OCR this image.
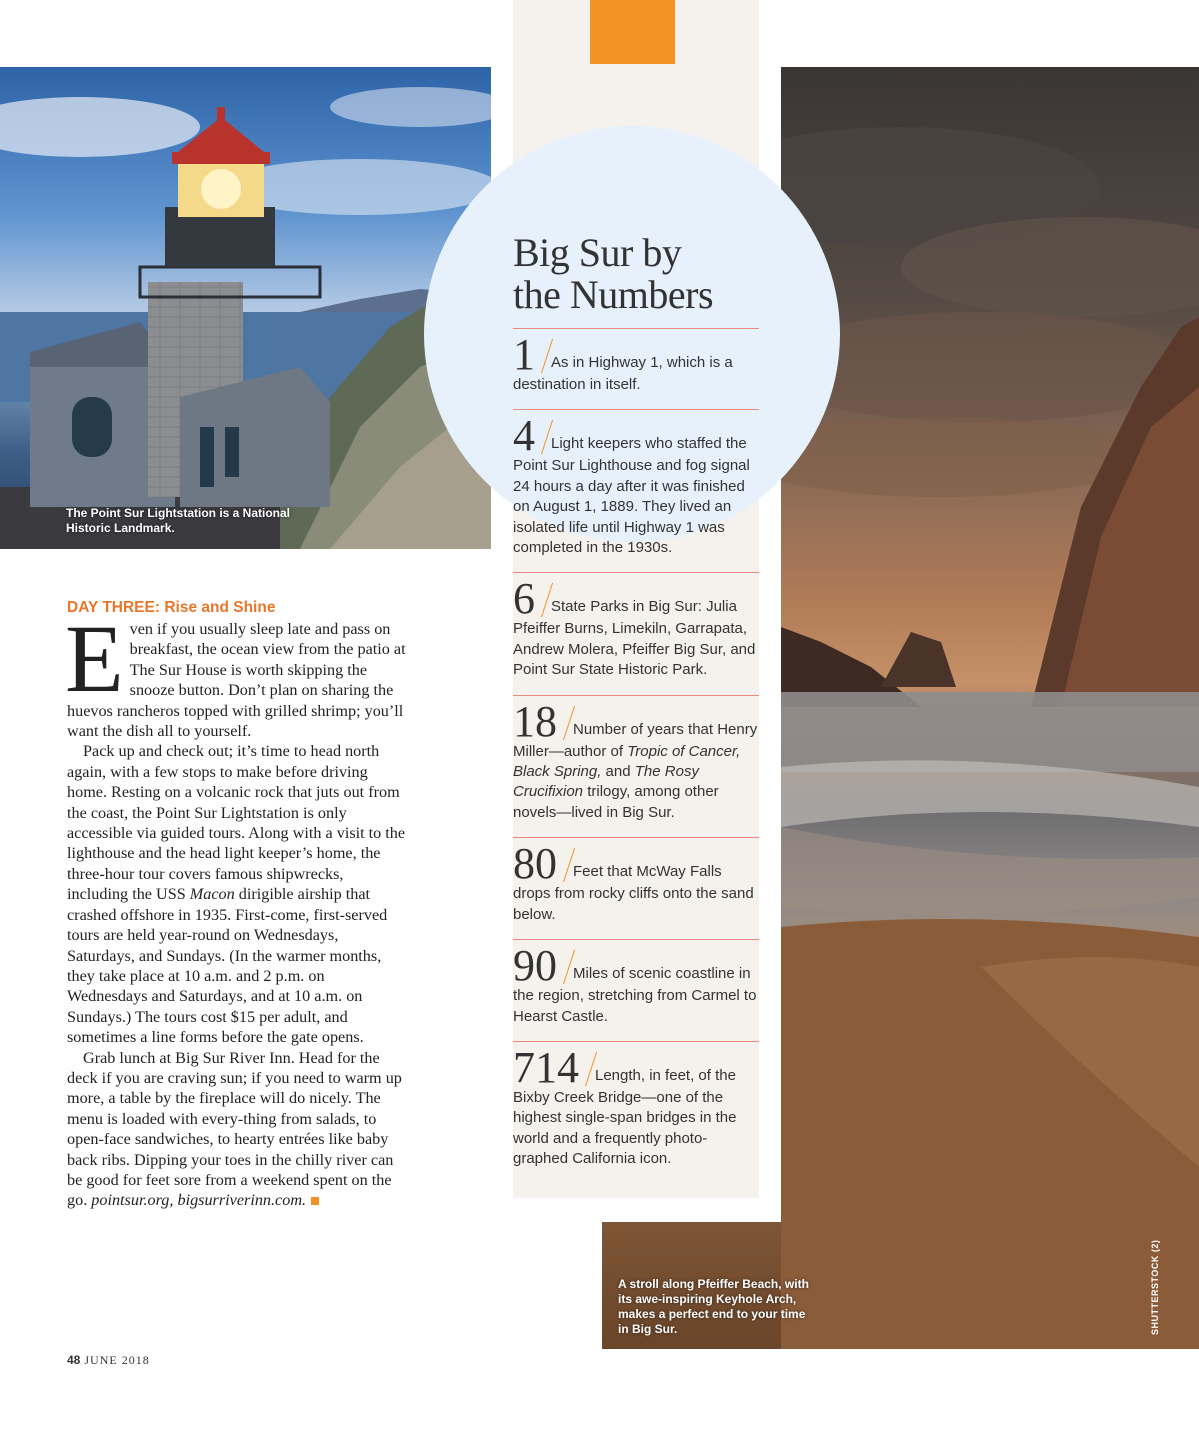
The Point Sur Lightstation is a National Historic Landmark.
A stroll along Pfeiffer Beach, with its awe-inspiring Keyhole Arch, makes a perfect end to your time in Big Sur.	SHUTTERSTOCK (2)
Big Sur by
the Numbers
1 As in Highway 1, which is a destination in itself.
4 Light keepers who staffed the Point Sur Lighthouse and fog signal 24 hours a day after it was finished on August 1, 1889. They lived an isolated life until Highway 1 was completed in the 1930s.
6 State Parks in Big Sur: Julia Pfeiffer Burns, Limekiln, Garrapata, Andrew Molera, Pfeiffer Big Sur, and Point Sur State Historic Park.
18 Number of years that Henry Miller—author of Tropic of Cancer, Black Spring, and The Rosy Crucifixion trilogy, among other novels—lived in Big Sur.
80 Feet that McWay Falls drops from rocky cliffs onto the sand below.
90 Miles of scenic coastline in the region, stretching from Carmel to Hearst Castle.
714 Length, in feet, of the Bixby Creek Bridge—one of the highest single-span bridges in the world and a frequently photo-graphed California icon.
DAY THREE: Rise and Shine

Even if you usually sleep late and pass on breakfast, the ocean view from the patio at The Sur House is worth skipping the snooze button. Don’t plan on sharing the huevos rancheros topped with grilled shrimp; you’ll want the dish all to yourself.

Pack up and check out; it’s time to head north again, with a few stops to make before driving home. Resting on a volcanic rock that juts out from the coast, the Point Sur Lightstation is only accessible via guided tours. Along with a visit to the lighthouse and the head light keeper’s home, the three-hour tour covers famous shipwrecks, including the USS Macon dirigible airship that crashed offshore in 1935. First-come, first-served tours are held year-round on Wednesdays, Saturdays, and Sundays. (In the warmer months, they take place at 10 a.m. and 2 p.m. on Wednesdays and Saturdays, and at 10 a.m. on Sundays.) The tours cost $15 per adult, and sometimes a line forms before the gate opens.

Grab lunch at Big Sur River Inn. Head for the deck if you are craving sun; if you need to warm up more, a table by the fireplace will do nicely. The menu is loaded with every-thing from salads, to open-face sandwiches, to hearty entrées like baby back ribs. Dipping your toes in the chilly river can be good for feet sore from a weekend spent on the go. pointsur.org, bigsurriverinn.com.

48 JUNE 2018
